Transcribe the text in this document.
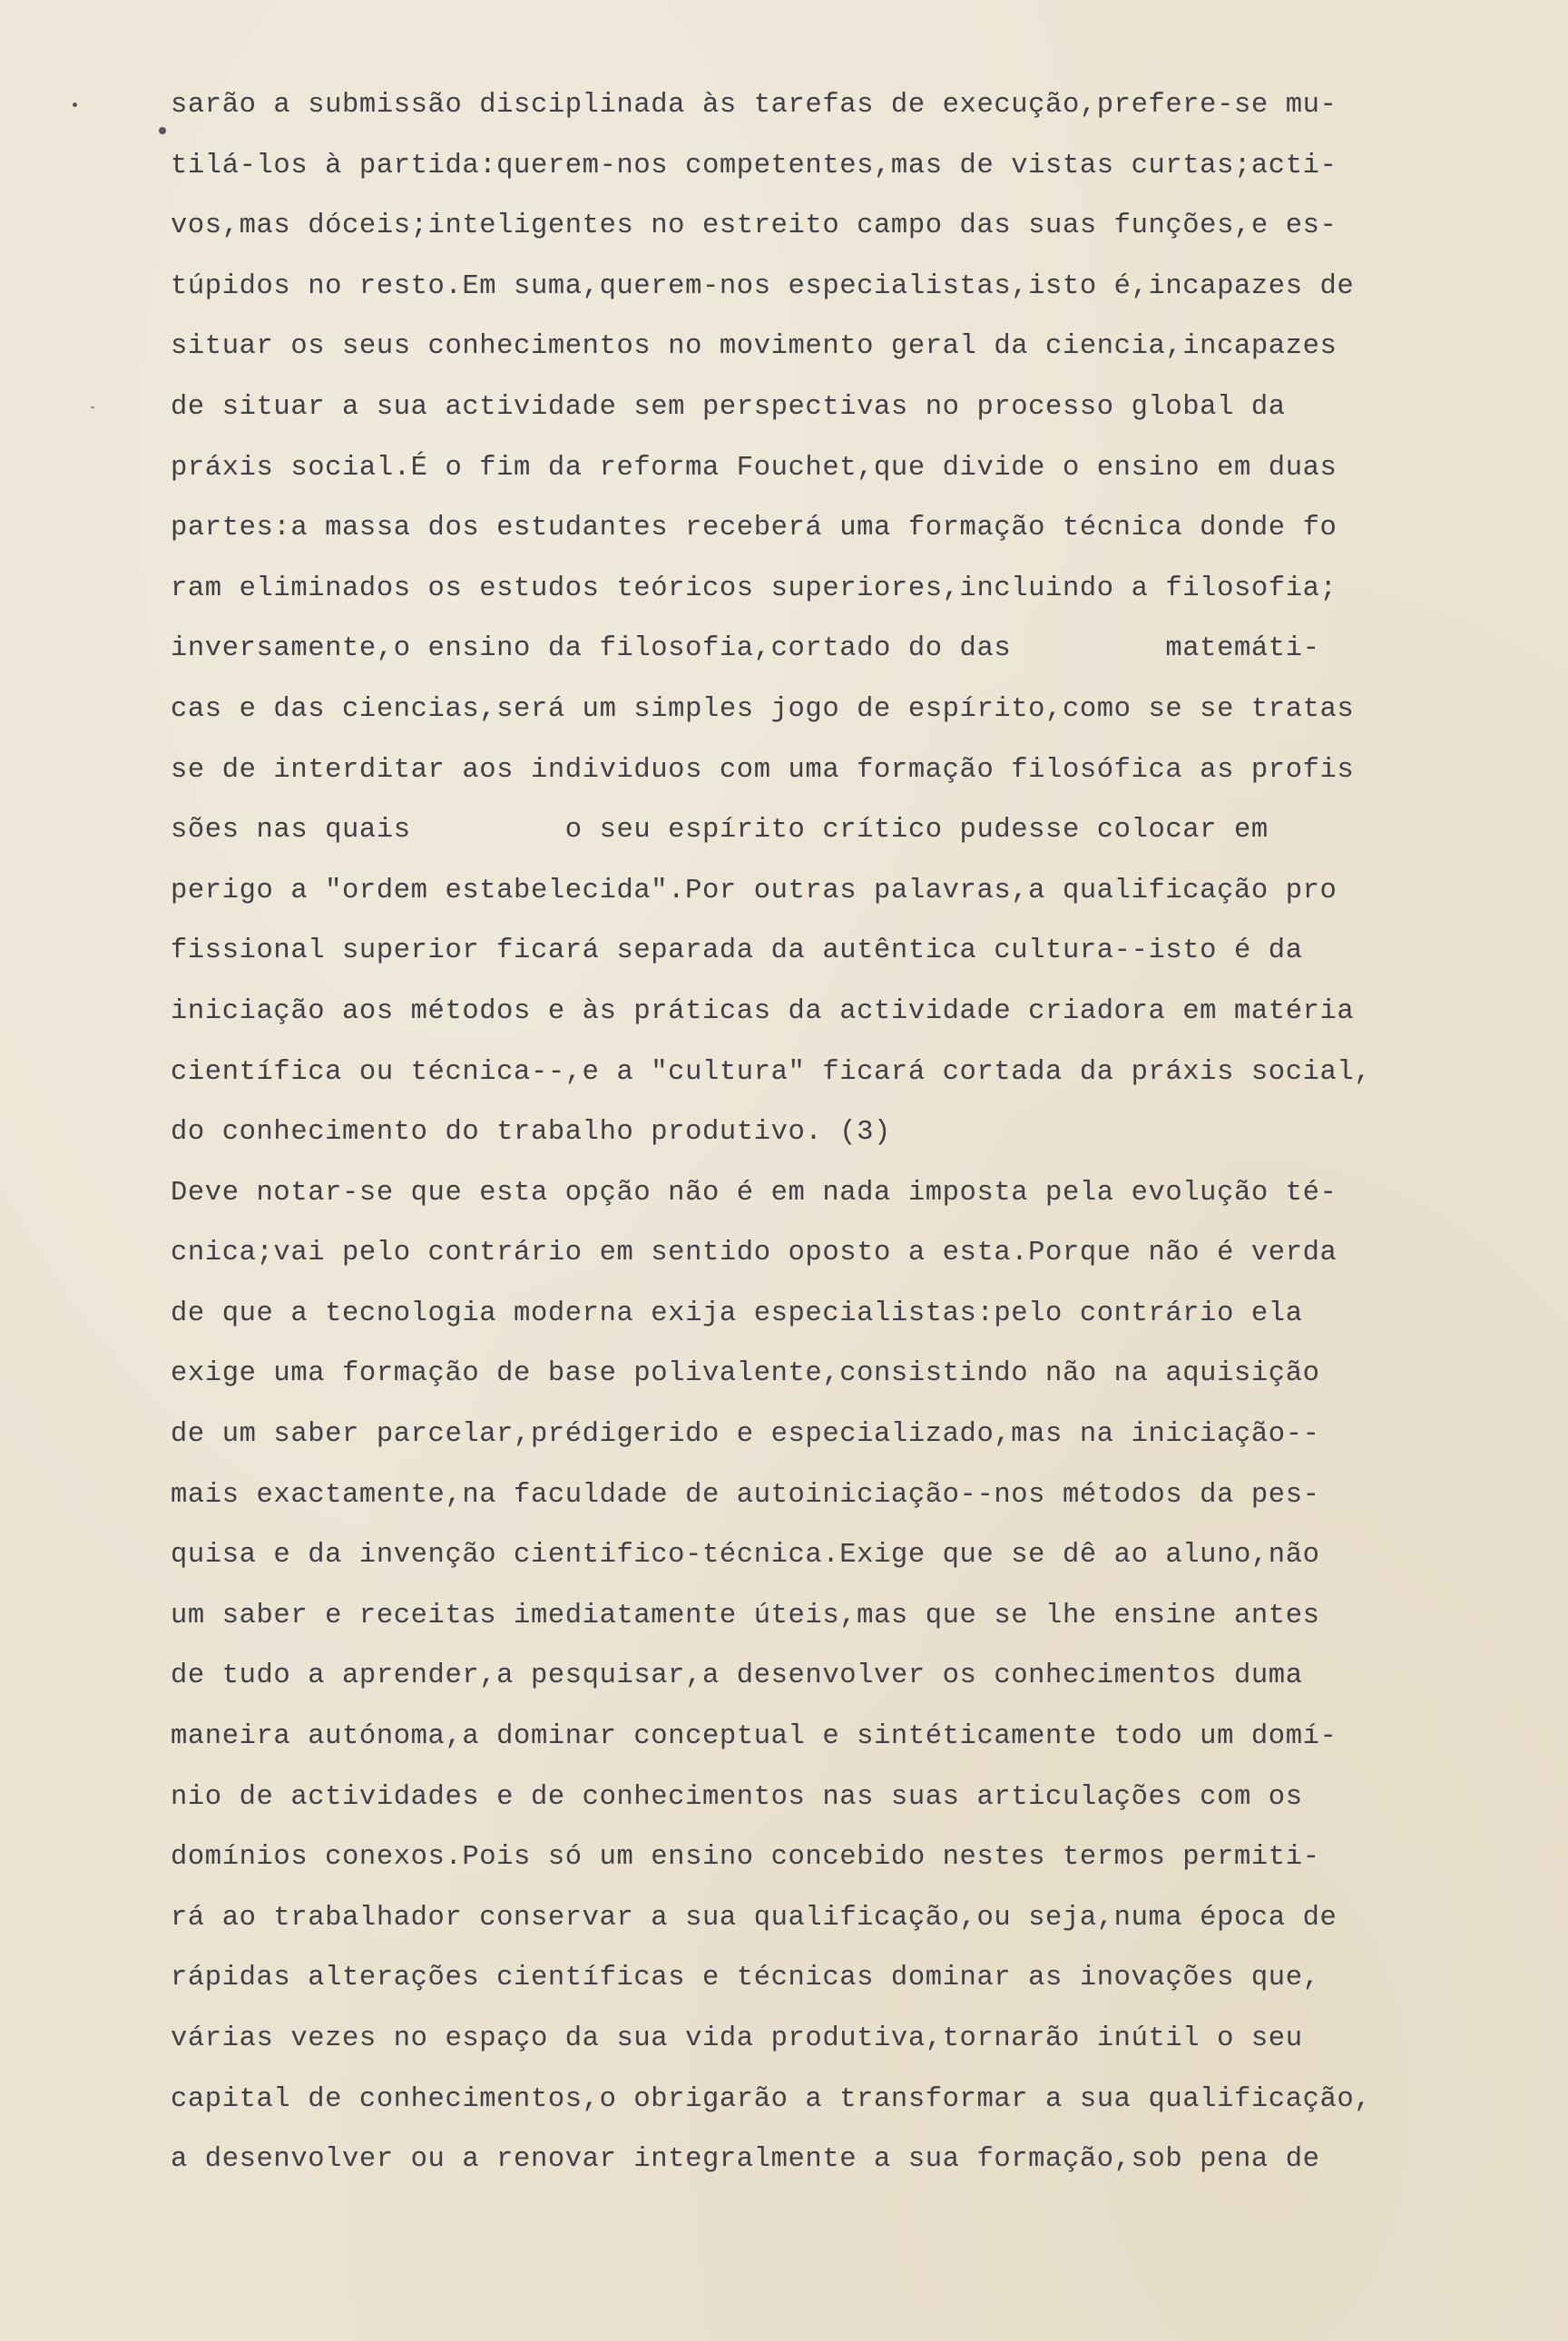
sarão a submissão disciplinada às tarefas de execução,prefere-se mu-
tilá-los à partida:querem-nos competentes,mas de vistas curtas;acti-
vos,mas dóceis;inteligentes no estreito campo das suas funções,e es-
túpidos no resto.Em suma,querem-nos especialistas,isto é,incapazes de
situar os seus conhecimentos no movimento geral da ciencia,incapazes
de situar a sua actividade sem perspectivas no processo global da
práxis social.É o fim da reforma Fouchet,que divide o ensino em duas
partes:a massa dos estudantes receberá uma formação técnica donde fo
ram eliminados os estudos teóricos superiores,incluindo a filosofia;
inversamente,o ensino da filosofia,cortado do das         matemáti-
cas e das ciencias,será um simples jogo de espírito,como se se tratas
se de interditar aos individuos com uma formação filosófica as profis
sões nas quais         o seu espírito crítico pudesse colocar em
perigo a "ordem estabelecida".Por outras palavras,a qualificação pro
fissional superior ficará separada da autêntica cultura--isto é da
iniciação aos métodos e às práticas da actividade criadora em matéria
científica ou técnica--,e a "cultura" ficará cortada da práxis social,
do conhecimento do trabalho produtivo. (3)
Deve notar-se que esta opção não é em nada imposta pela evolução té-
cnica;vai pelo contrário em sentido oposto a esta.Porque não é verda
de que a tecnologia moderna exija especialistas:pelo contrário ela
exige uma formação de base polivalente,consistindo não na aquisição
de um saber parcelar,prédigerido e especializado,mas na iniciação--
mais exactamente,na faculdade de autoiniciação--nos métodos da pes-
quisa e da invenção cientifico-técnica.Exige que se dê ao aluno,não
um saber e receitas imediatamente úteis,mas que se lhe ensine antes
de tudo a aprender,a pesquisar,a desenvolver os conhecimentos duma
maneira autónoma,a dominar conceptual e sintéticamente todo um domí-
nio de actividades e de conhecimentos nas suas articulações com os
domínios conexos.Pois só um ensino concebido nestes termos permiti-
rá ao trabalhador conservar a sua qualificação,ou seja,numa época de
rápidas alterações científicas e técnicas dominar as inovações que,
várias vezes no espaço da sua vida produtiva,tornarão inútil o seu
capital de conhecimentos,o obrigarão a transformar a sua qualificação,
a desenvolver ou a renovar integralmente a sua formação,sob pena de
